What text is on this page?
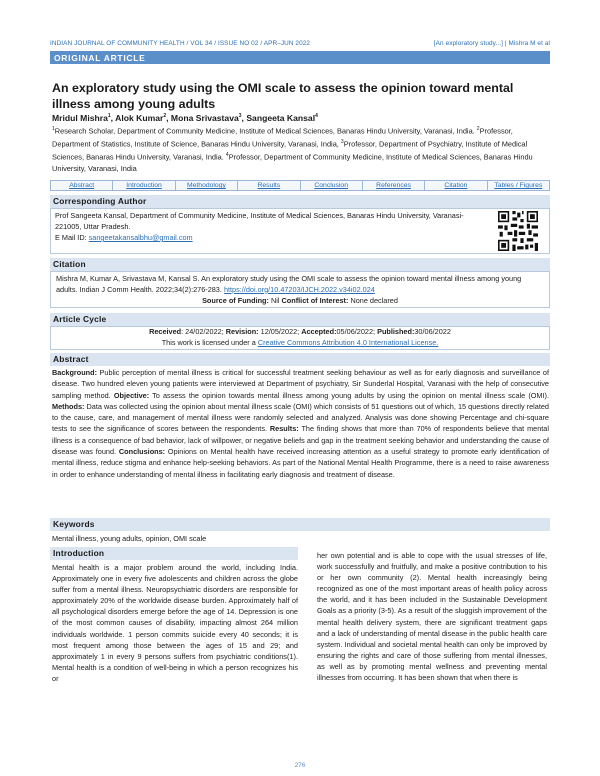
INDIAN JOURNAL OF COMMUNITY HEALTH / VOL 34 / ISSUE NO 02 / APR–JUN 2022	[An exploratory study...] | Mishra M et al
ORIGINAL ARTICLE
An exploratory study using the OMI scale to assess the opinion toward mental illness among young adults
Mridul Mishra$^1$, Alok Kumar$^2$, Mona Srivastava$^3$, Sangeeta Kansal$^4$
$^1$Research Scholar, Department of Community Medicine, Institute of Medical Sciences, Banaras Hindu University, Varanasi, India. $^2$Professor, Department of Statistics, Institute of Science, Banaras Hindu University, Varanasi, India, $^3$Professor, Department of Psychiatry, Institute of Medical Sciences, Banaras Hindu University, Varanasi, India. $^4$Professor, Department of Community Medicine, Institute of Medical Sciences, Banaras Hindu University, Varanasi, India
Abstract	Introduction	Methodology	Results	Conclusion	References	Citation	Tables / Figures
Corresponding Author
Prof Sangeeta Kansal, Department of Community Medicine, Institute of Medical Sciences, Banaras Hindu University, Varanasi- 221005, Uttar Pradesh.
E Mail ID: sangeetakansalbhu@gmail.com
Citation
Mishra M, Kumar A, Srivastava M, Kansal S. An exploratory study using the OMI scale to assess the opinion toward mental illness among young adults. Indian J Comm Health. 2022;34(2):276-283. https://doi.org/10.47203/IJCH.2022.v34i02.024
Source of Funding: Nil Conflict of Interest: None declared
Article Cycle
Received: 24/02/2022; Revision: 12/05/2022; Accepted:05/06/2022; Published:30/06/2022
This work is licensed under a Creative Commons Attribution 4.0 International License.
Abstract
Background: Public perception of mental illness is critical for successful treatment seeking behaviour as well as for early diagnosis and surveillance of disease. Two hundred eleven young patients were interviewed at Department of psychiatry, Sir Sunderlal Hospital, Varanasi with the help of consecutive sampling method. Objective: To assess the opinion towards mental illness among young adults by using the opinion on mental illness scale (OMI). Methods: Data was collected using the opinion about mental illness scale (OMI) which consists of 51 questions out of which, 15 questions directly related to the cause, care, and management of mental illness were randomly selected and analyzed. Analysis was done showing Percentage and chi-square tests to see the significance of scores between the respondents. Results: The finding shows that more than 70% of respondents believe that mental illness is a consequence of bad behavior, lack of willpower, or negative beliefs and gap in the treatment seeking behavior and understanding the cause of disease was found. Conclusions: Opinions on Mental health have received increasing attention as a useful strategy to promote early identification of mental illness, reduce stigma and enhance help-seeking behaviors. As part of the National Mental Health Programme, there is a need to raise awareness in order to enhance understanding of mental illness in facilitating early diagnosis and treatment of disease.
Keywords
Mental illness, young adults, opinion, OMI scale
Introduction
Mental health is a major problem around the world, including India. Approximately one in every five adolescents and children across the globe suffer from a mental illness. Neuropsychiatric disorders are responsible for approximately 20% of the worldwide disease burden. Approximately half of all psychological disorders emerge before the age of 14. Depression is one of the most common causes of disability, impacting almost 264 million individuals worldwide. 1 person commits suicide every 40 seconds; it is most frequent among those between the ages of 15 and 29; and approximately 1 in every 9 persons suffers from psychiatric conditions(1). Mental health is a condition of well-being in which a person recognizes his or
her own potential and is able to cope with the usual stresses of life, work successfully and fruitfully, and make a positive contribution to his or her own community (2). Mental health increasingly being recognized as one of the most important areas of health policy across the world, and it has been included in the Sustainable Development Goals as a priority (3-5). As a result of the sluggish improvement of the mental health delivery system, there are significant treatment gaps and a lack of understanding of mental disease in the public health care system. Individual and societal mental health can only be improved by ensuring the rights and care of those suffering from mental illnesses, as well as by promoting mental wellness and preventing mental illnesses from occurring. It has been shown that when there is
276
